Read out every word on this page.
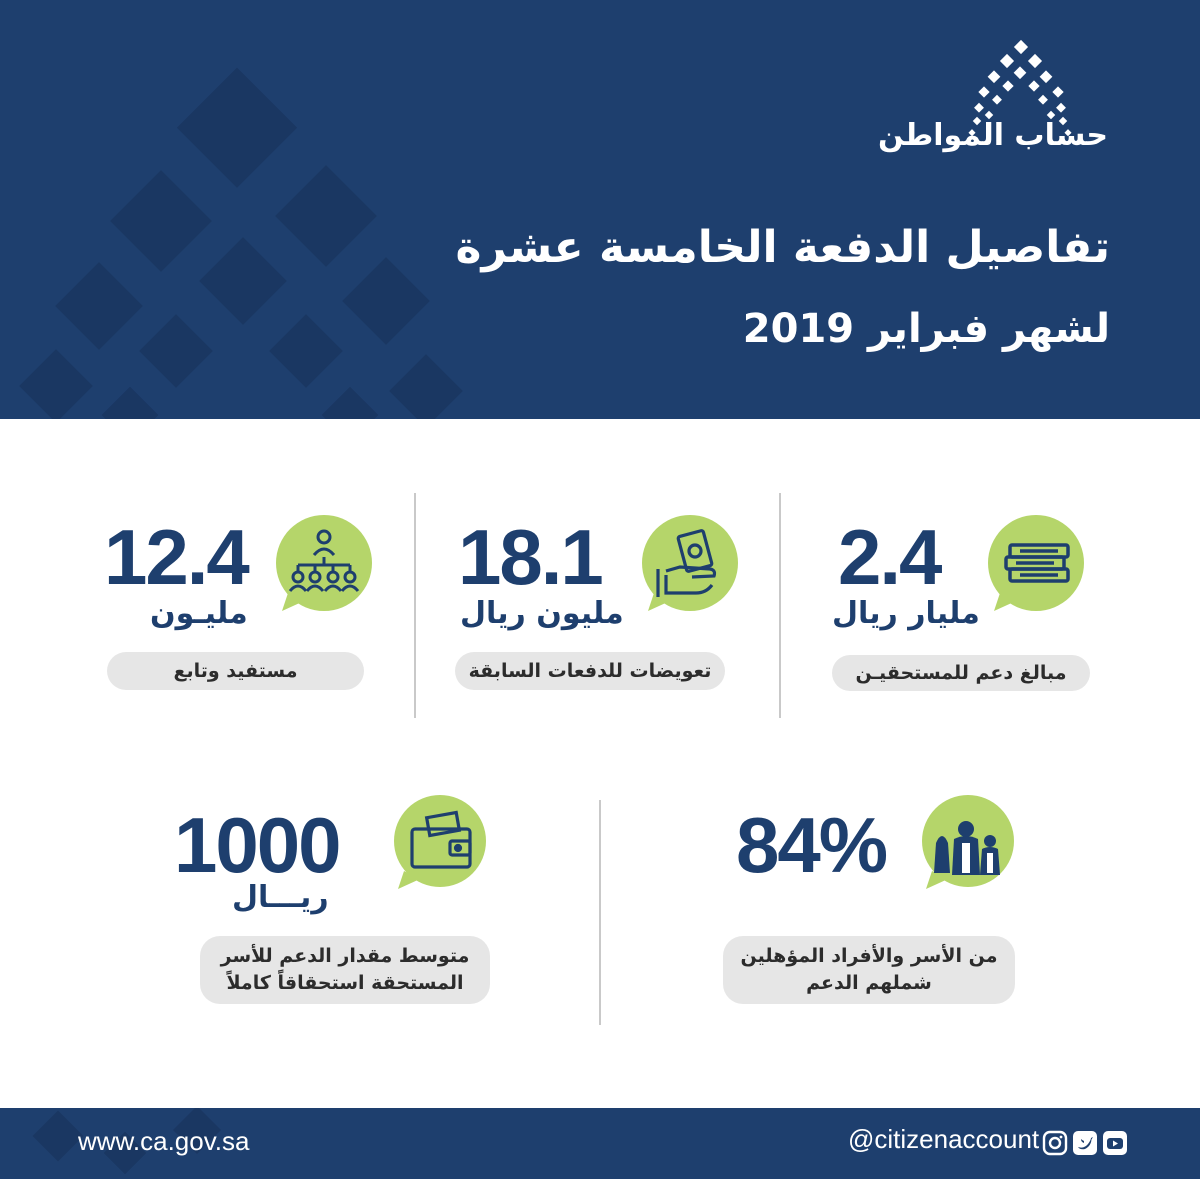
حساب المواطن
تفاصيل الدفعة الخامسة عشرة
لشهر فبراير 2019
2.4
مليار ريال
مبالغ دعم للمستحقيـن
18.1
مليون ريال
تعويضات للدفعات السابقة
12.4
مليـون
مستفيد وتابع
84%
من الأسر والأفراد المؤهلين
شملهم الدعم
1000
ريـــال
متوسط مقدار الدعم للأسر
المستحقة استحقاقاً كاملاً
www.ca.gov.sa	@citizenaccount
